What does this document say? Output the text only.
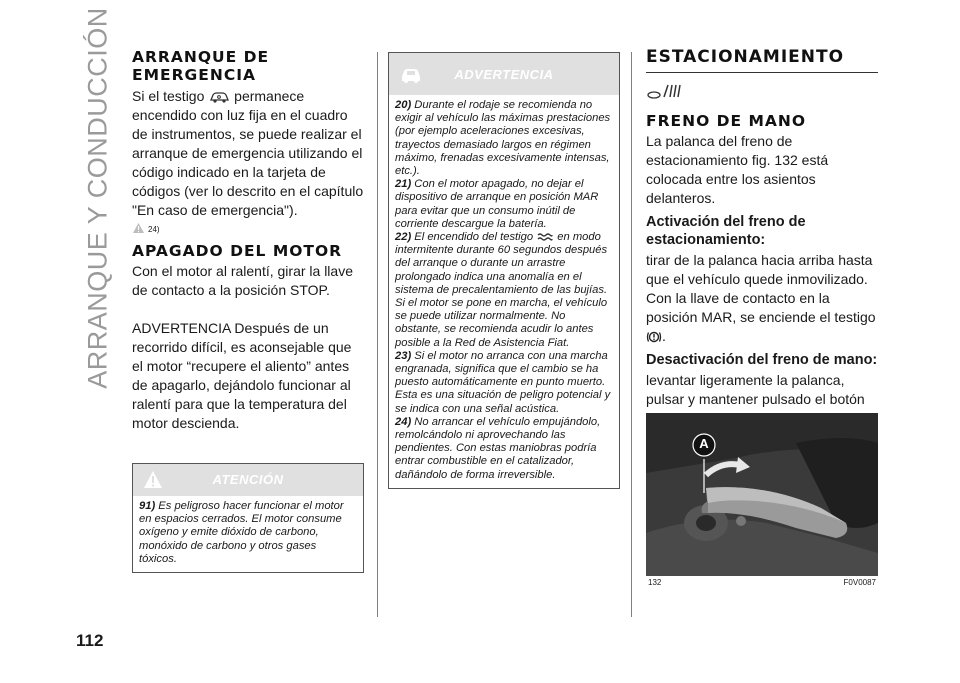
ARRANQUE Y CONDUCCIÓN
112
ARRANQUE DE EMERGENCIA

Si el testigo permanece encendido con luz fija en el cuadro de instrumentos, se puede realizar el arranque de emergencia utilizando el código indicado en la tarjeta de códigos (ver lo descrito en el capítulo "En caso de emergencia").

24)
APAGADO DEL MOTOR

Con el motor al ralentí, girar la llave de contacto a la posición STOP.

ADVERTENCIA Después de un recorrido difícil, es aconsejable que el motor “recupere el aliento” antes de apagarlo, dejándolo funcionar al ralentí para que la temperatura del motor descienda.

ATENCIÓN

91) Es peligroso hacer funcionar el motor en espacios cerrados. El motor consume oxígeno y emite dióxido de carbono, monóxido de carbono y otros gases tóxicos.

ADVERTENCIA

20) Durante el rodaje se recomienda no exigir al vehículo las máximas prestaciones (por ejemplo aceleraciones excesivas, trayectos demasiado largos en régimen máximo, frenadas excesivamente intensas, etc.).

21) Con el motor apagado, no dejar el dispositivo de arranque en posición MAR para evitar que un consumo inútil de corriente descargue la batería.

22) El encendido del testigo en modo intermitente durante 60 segundos después del arranque o durante un arrastre prolongado indica una anomalía en el sistema de precalentamiento de las bujías. Si el motor se pone en marcha, el vehículo se puede utilizar normalmente. No obstante, se recomienda acudir lo antes posible a la Red de Asistencia Fiat.

23) Si el motor no arranca con una marcha engranada, significa que el cambio se ha puesto automáticamente en punto muerto. Esta es una situación de peligro potencial y se indica con una señal acústica.

24) No arrancar el vehículo empujándolo, remolcándolo ni aprovechando las pendientes. Con estas maniobras podría entrar combustible en el catalizador, dañándolo de forma irreversible.

ESTACIONAMIENTO
FRENO DE MANO

La palanca del freno de estacionamiento fig. 132 está colocada entre los asientos delanteros.

Activación del freno de estacionamiento:

tirar de la palanca hacia arriba hasta que el vehículo quede inmovilizado. Con la llave de contacto en la posición MAR, se enciende el testigo .

Desactivación del freno de mano:

levantar ligeramente la palanca, pulsar y mantener pulsado el botón

A
132	F0V0087
